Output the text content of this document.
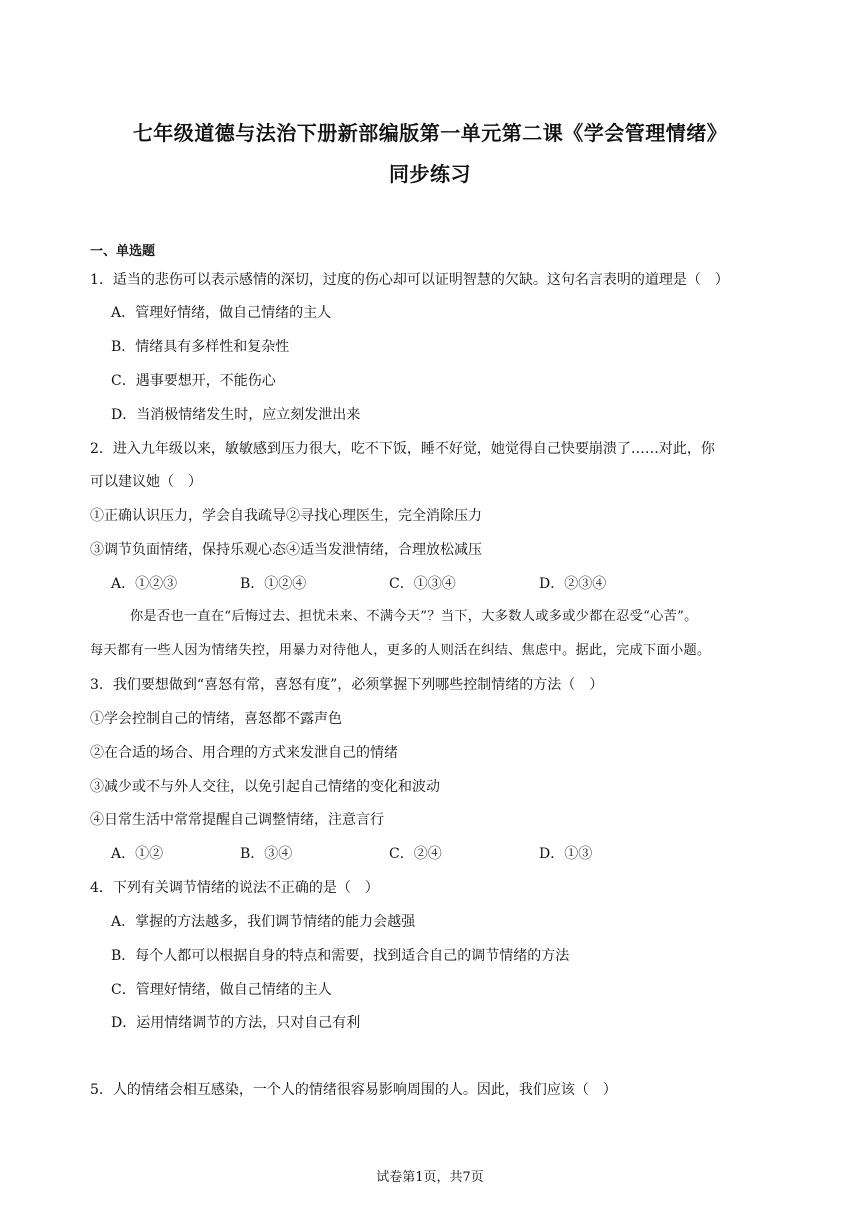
七年级道德与法治下册新部编版第一单元第二课《学会管理情绪》
同步练习
一、单选题
1．适当的悲伤可以表示感情的深切，过度的伤心却可以证明智慧的欠缺。这句名言表明的道理是（　）
A．管理好情绪，做自己情绪的主人
B．情绪具有多样性和复杂性
C．遇事要想开，不能伤心
D．当消极情绪发生时，应立刻发泄出来
2．进入九年级以来，敏敏感到压力很大，吃不下饭，睡不好觉，她觉得自己快要崩溃了……对此，你
可以建议她（　）
①正确认识压力，学会自我疏导②寻找心理医生，完全消除压力
③调节负面情绪，保持乐观心态④适当发泄情绪，合理放松减压
A．①②③	B．①②④	C．①③④	D．②③④
你是否也一直在“后悔过去、担忧未来、不满今天”？当下，大多数人或多或少都在忍受“心苦”。
每天都有一些人因为情绪失控，用暴力对待他人，更多的人则活在纠结、焦虑中。据此，完成下面小题。
3．我们要想做到“喜怒有常，喜怒有度”，必须掌握下列哪些控制情绪的方法（　）
①学会控制自己的情绪，喜怒都不露声色
②在合适的场合、用合理的方式来发泄自己的情绪
③减少或不与外人交往，以免引起自己情绪的变化和波动
④日常生活中常常提醒自己调整情绪，注意言行
A．①②	B．③④	C．②④	D．①③
4．下列有关调节情绪的说法不正确的是（　）
A．掌握的方法越多，我们调节情绪的能力会越强
B．每个人都可以根据自身的特点和需要，找到适合自己的调节情绪的方法
C．管理好情绪，做自己情绪的主人
D．运用情绪调节的方法，只对自己有利
5．人的情绪会相互感染，一个人的情绪很容易影响周围的人。因此，我们应该（　）
试卷第1页，共7页
